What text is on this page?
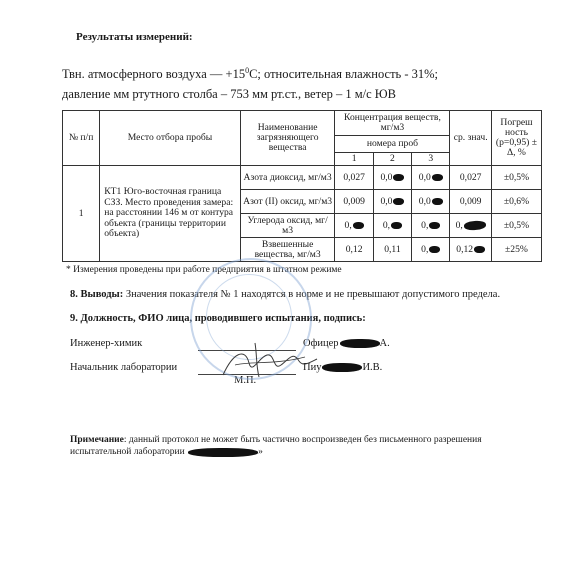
Результаты измерений:
Твн. атмосферного воздуха — $+15^0С$; относительная влажность - 31%;
давление мм ртутного столба – 753 мм рт.ст., ветер – 1 м/с ЮВ
№ п/п	Место отбора пробы	Наименование загрязняющего вещества	Концентрация веществ, мг/м3			ср. знач.	Погреш ность (р=0,95) ± Δ, %
			номера проб				
			1	2	3		
1	КТ1 Юго-восточная граница СЗЗ. Место проведения замера: на расстоянии 146 м от контура объекта (границы территории объекта)	Азота диоксид, мг/м3	0,027	0,0	0,0	0,027	±0,5%
		Азот (II) оксид, мг/м3	0,009	0,0	0,0	0,009	±0,6%
		Углерода оксид, мг/м3	0,	0,	0,	0,	±0,5%
		Взвешенные вещества, мг/м3	0,12	0,11	0,	0,12	±25%
* Измерения проведены при работе предприятия в штатном режиме
8. Выводы: Значения показателя № 1 находятся в норме и не превышают допустимого предела.
9. Должность, ФИО лица, проводившего испытания, подпись:
Инженер-химик	Офицер	А.
Начальник лаборатории	Пиу	И.В.
М.П.
Примечание: данный протокол не может быть частично воспроизведен без письменного разрешения
испытательной лаборатории	»
